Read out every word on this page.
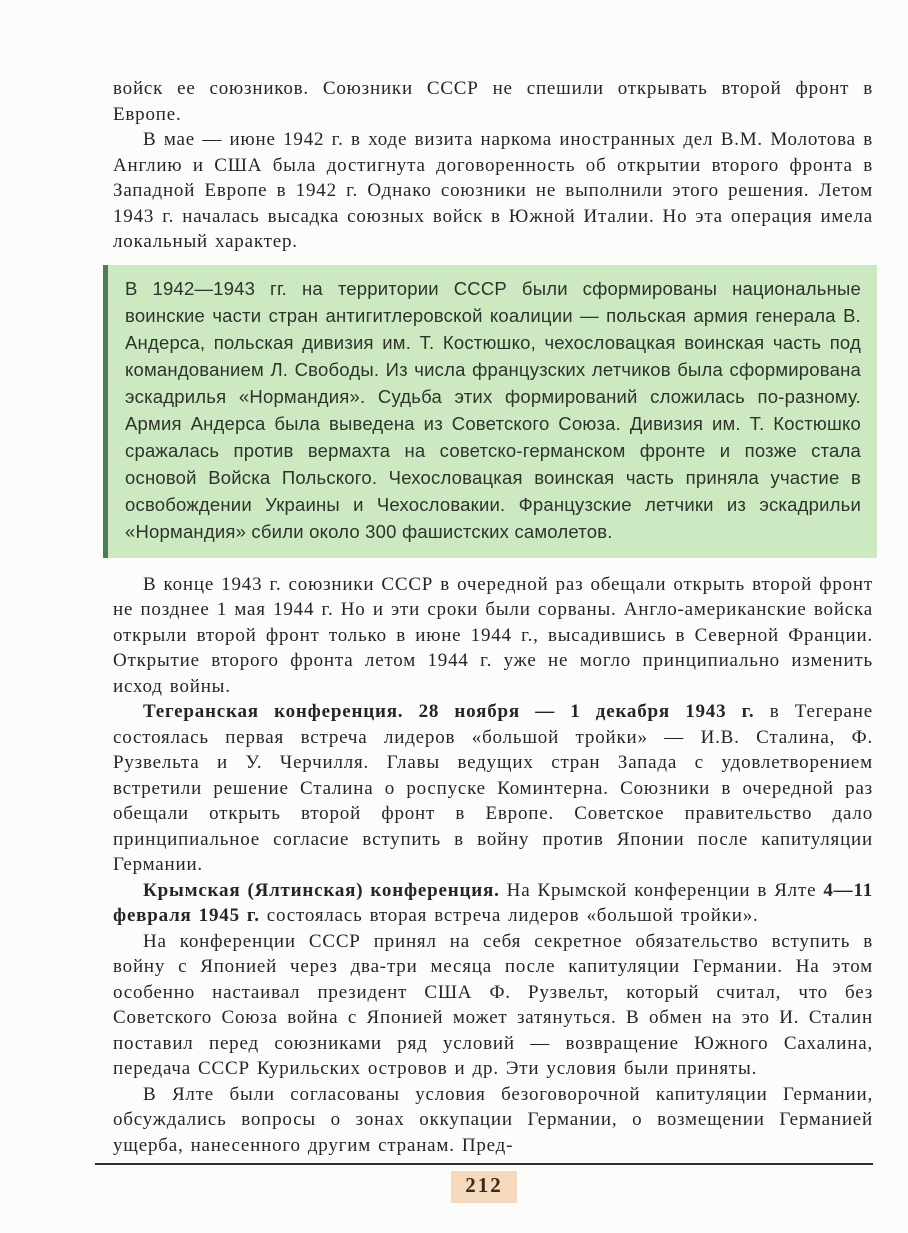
войск ее союзников. Союзники СССР не спешили открывать второй фронт в Европе.

В мае — июне 1942 г. в ходе визита наркома иностранных дел В.М. Молотова в Англию и США была достигнута договоренность об открытии второго фронта в Западной Европе в 1942 г. Однако союзники не выполнили этого решения. Летом 1943 г. началась высадка союзных войск в Южной Италии. Но эта операция имела локальный характер.

В 1942—1943 гг. на территории СССР были сформированы национальные воинские части стран антигитлеровской коалиции — польская армия генерала В. Андерса, польская дивизия им. Т. Костюшко, чехословацкая воинская часть под командованием Л. Свободы. Из числа французских летчиков была сформирована эскадрилья «Нормандия». Судьба этих формирований сложилась по-разному. Армия Андерса была выведена из Советского Союза. Дивизия им. Т. Костюшко сражалась против вермахта на советско-германском фронте и позже стала основой Войска Польского. Чехословацкая воинская часть приняла участие в освобождении Украины и Чехословакии. Французские летчики из эскадрильи «Нормандия» сбили около 300 фашистских самолетов.

В конце 1943 г. союзники СССР в очередной раз обещали открыть второй фронт не позднее 1 мая 1944 г. Но и эти сроки были сорваны. Англо-американские войска открыли второй фронт только в июне 1944 г., высадившись в Северной Франции. Открытие второго фронта летом 1944 г. уже не могло принципиально изменить исход войны.

Тегеранская конференция. 28 ноября — 1 декабря 1943 г. в Тегеране состоялась первая встреча лидеров «большой тройки» — И.В. Сталина, Ф. Рузвельта и У. Черчилля. Главы ведущих стран Запада с удовлетворением встретили решение Сталина о роспуске Коминтерна. Союзники в очередной раз обещали открыть второй фронт в Европе. Советское правительство дало принципиальное согласие вступить в войну против Японии после капитуляции Германии.

Крымская (Ялтинская) конференция. На Крымской конференции в Ялте 4—11 февраля 1945 г. состоялась вторая встреча лидеров «большой тройки».

На конференции СССР принял на себя секретное обязательство вступить в войну с Японией через два-три месяца после капитуляции Германии. На этом особенно настаивал президент США Ф. Рузвельт, который считал, что без Советского Союза война с Японией может затянуться. В обмен на это И. Сталин поставил перед союзниками ряд условий — возвращение Южного Сахалина, передача СССР Курильских островов и др. Эти условия были приняты.

В Ялте были согласованы условия безоговорочной капитуляции Германии, обсуждались вопросы о зонах оккупации Германии, о возмещении Германией ущерба, нанесенного другим странам. Пред-

212
